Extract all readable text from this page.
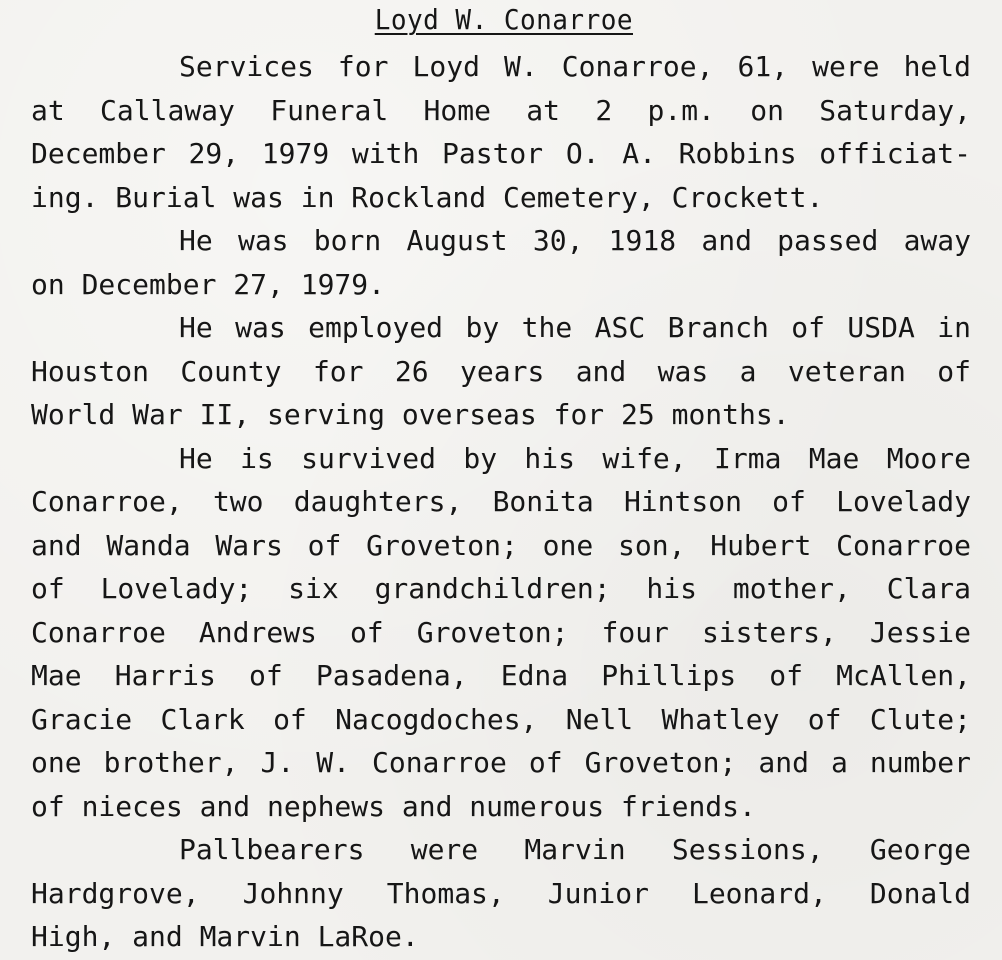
Loyd W. Conarroe
Services for Loyd W. Conarroe, 61, were held
at Callaway Funeral Home at 2 p.m. on Saturday,
December 29, 1979 with Pastor O. A. Robbins officiat-
ing. Burial was in Rockland Cemetery, Crockett.
He was born August 30, 1918 and passed away
on December 27, 1979.
He was employed by the ASC Branch of USDA in
Houston County for 26 years and was a veteran of
World War II, serving overseas for 25 months.
He is survived by his wife, Irma Mae Moore
Conarroe, two daughters, Bonita Hintson of Lovelady
and Wanda Wars of Groveton; one son, Hubert Conarroe
of Lovelady; six grandchildren; his mother, Clara
Conarroe Andrews of Groveton; four sisters, Jessie
Mae Harris of Pasadena, Edna Phillips of McAllen,
Gracie Clark of Nacogdoches, Nell Whatley of Clute;
one brother, J. W. Conarroe of Groveton; and a number
of nieces and nephews and numerous friends.
Pallbearers were Marvin Sessions, George
Hardgrove, Johnny Thomas, Junior Leonard, Donald
High, and Marvin LaRoe.
